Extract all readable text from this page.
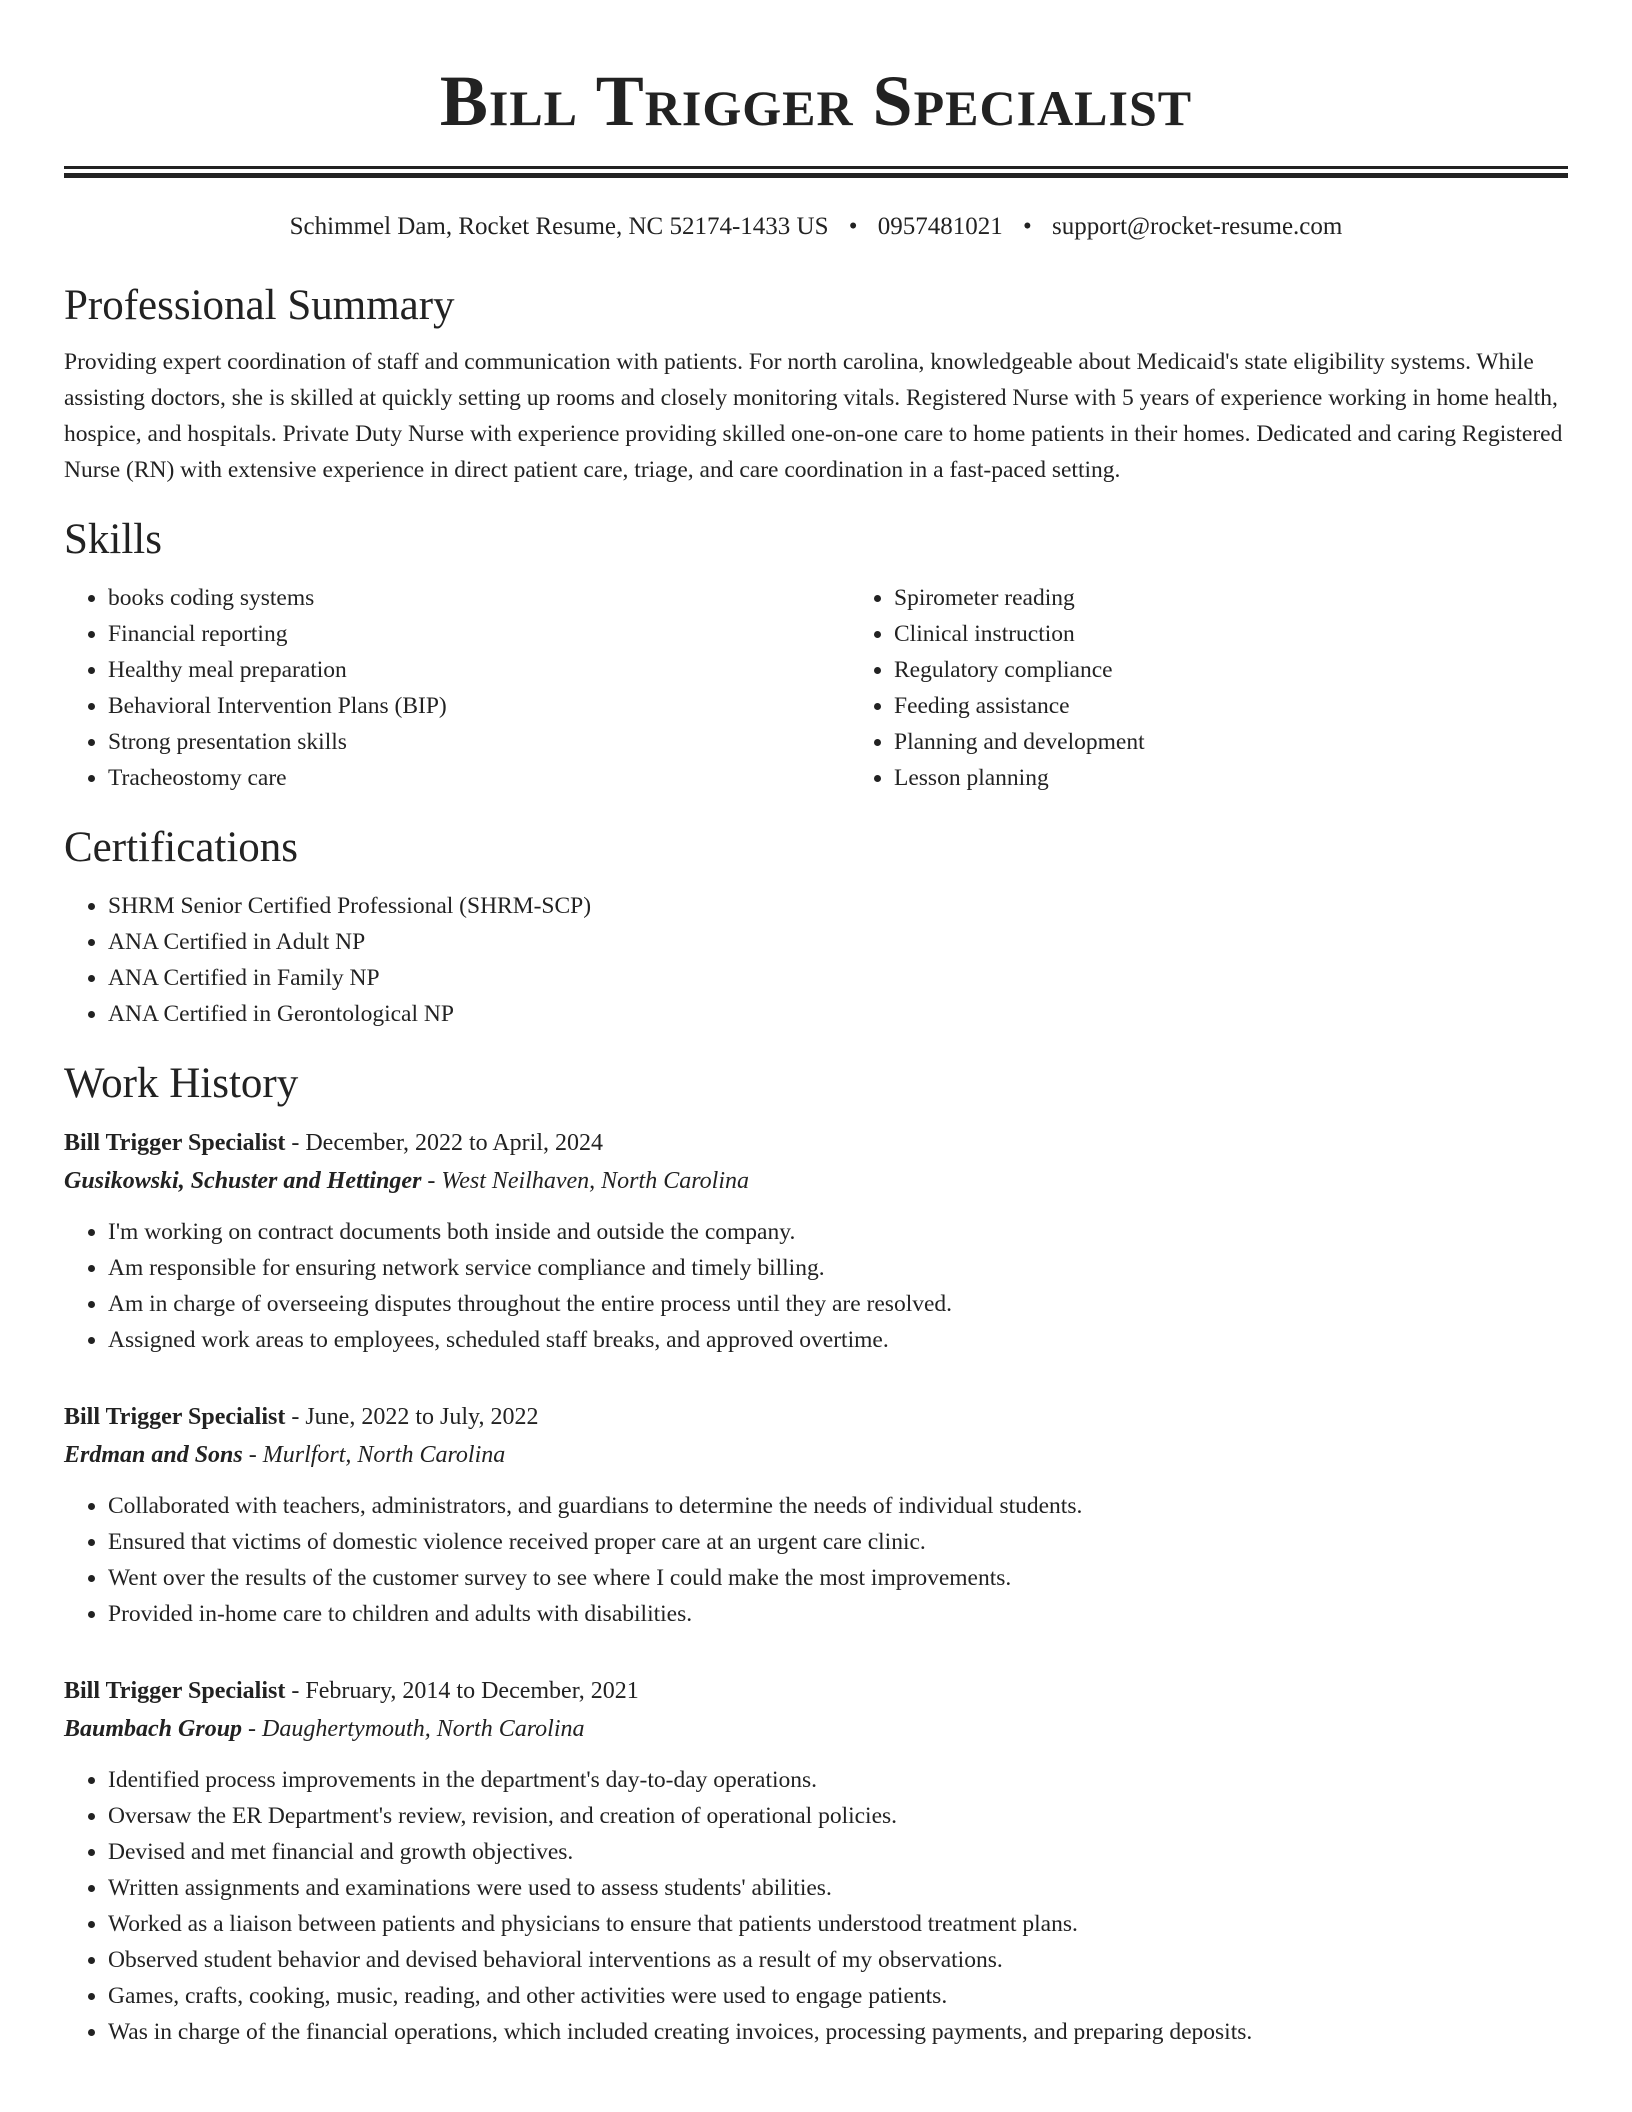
Bill Trigger Specialist
Schimmel Dam, Rocket Resume, NC 52174-1433 US • 0957481021 • support@rocket-resume.com
Professional Summary

Providing expert coordination of staff and communication with patients. For north carolina, knowledgeable about Medicaid's state eligibility systems. While assisting doctors, she is skilled at quickly setting up rooms and closely monitoring vitals. Registered Nurse with 5 years of experience working in home health, hospice, and hospitals. Private Duty Nurse with experience providing skilled one-on-one care to home patients in their homes. Dedicated and caring Registered Nurse (RN) with extensive experience in direct patient care, triage, and care coordination in a fast-paced setting.

Skills
• books coding systems
• Financial reporting
• Healthy meal preparation
• Behavioral Intervention Plans (BIP)
• Strong presentation skills
• Tracheostomy care
• Spirometer reading
• Clinical instruction
• Regulatory compliance
• Feeding assistance
• Planning and development
• Lesson planning
Certifications
• SHRM Senior Certified Professional (SHRM-SCP)
• ANA Certified in Adult NP
• ANA Certified in Family NP
• ANA Certified in Gerontological NP
Work History
Bill Trigger Specialist - December, 2022 to April, 2024
Gusikowski, Schuster and Hettinger - West Neilhaven, North Carolina
• I'm working on contract documents both inside and outside the company.
• Am responsible for ensuring network service compliance and timely billing.
• Am in charge of overseeing disputes throughout the entire process until they are resolved.
• Assigned work areas to employees, scheduled staff breaks, and approved overtime.
Bill Trigger Specialist - June, 2022 to July, 2022
Erdman and Sons - Murlfort, North Carolina
• Collaborated with teachers, administrators, and guardians to determine the needs of individual students.
• Ensured that victims of domestic violence received proper care at an urgent care clinic.
• Went over the results of the customer survey to see where I could make the most improvements.
• Provided in-home care to children and adults with disabilities.
Bill Trigger Specialist - February, 2014 to December, 2021
Baumbach Group - Daughertymouth, North Carolina
• Identified process improvements in the department's day-to-day operations.
• Oversaw the ER Department's review, revision, and creation of operational policies.
• Devised and met financial and growth objectives.
• Written assignments and examinations were used to assess students' abilities.
• Worked as a liaison between patients and physicians to ensure that patients understood treatment plans.
• Observed student behavior and devised behavioral interventions as a result of my observations.
• Games, crafts, cooking, music, reading, and other activities were used to engage patients.
• Was in charge of the financial operations, which included creating invoices, processing payments, and preparing deposits.
